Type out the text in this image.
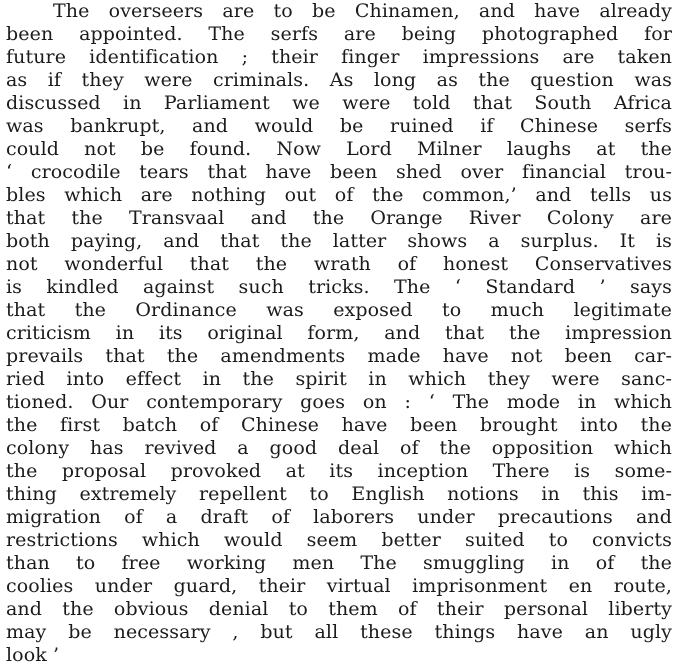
The overseers are to be Chinamen, and have already
been appointed. The serfs are being photographed for
future identification ; their finger impressions are taken
as if they were criminals. As long as the question was
discussed in Parliament we were told that South Africa
was bankrupt, and would be ruined if Chinese serfs
could not be found. Now Lord Milner laughs at the
‘ crocodile tears that have been shed over financial trou-
bles which are nothing out of the common,’ and tells us
that the Transvaal and the Orange River Colony are
both paying, and that the latter shows a surplus. It is
not wonderful that the wrath of honest Conservatives
is kindled against such tricks. The ‘ Standard ’ says
that the Ordinance was exposed to much legitimate
criticism in its original form, and that the impression
prevails that the amendments made have not been car-
ried into effect in the spirit in which they were sanc-
tioned. Our contemporary goes on : ‘ The mode in which
the first batch of Chinese have been brought into the
colony has revived a good deal of the opposition which
the proposal provoked at its inception There is some-
thing extremely repellent to English notions in this im-
migration of a draft of laborers under precautions and
restrictions which would seem better suited to convicts
than to free working men The smuggling in of the
coolies under guard, their virtual imprisonment en route,
and the obvious denial to them of their personal liberty
may be necessary , but all these things have an ugly
look ’
